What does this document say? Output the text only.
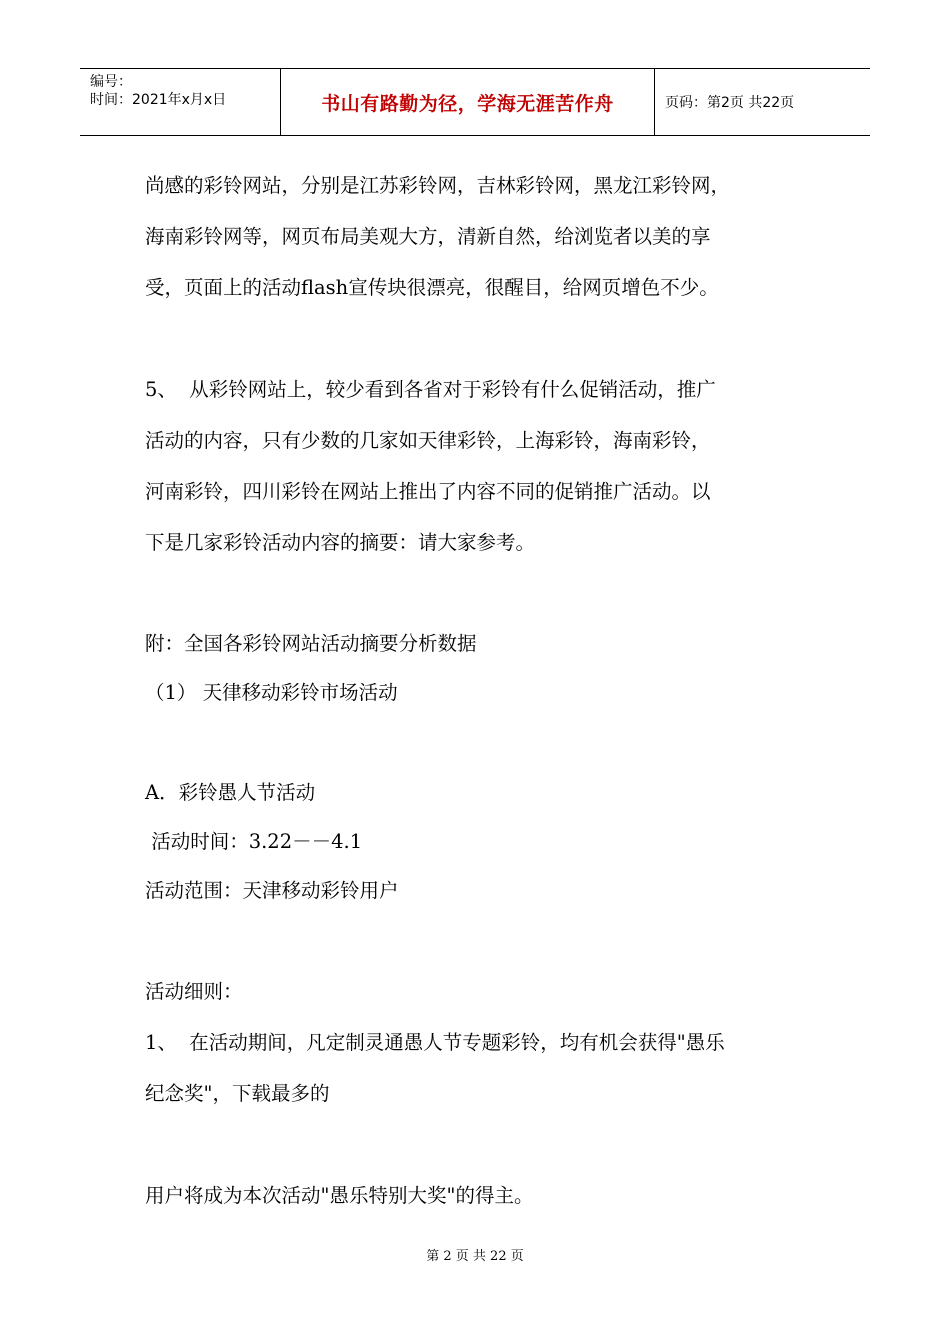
编号：
时间：2021年x月x日	书山有路勤为径，学海无涯苦作舟	页码：第2页 共22页

尚感的彩铃网站，分别是江苏彩铃网，吉林彩铃网，黑龙江彩铃网，

海南彩铃网等，网页布局美观大方，清新自然，给浏览者以美的享

受，页面上的活动flash宣传块很漂亮，很醒目，给网页增色不少。

5、  从彩铃网站上，较少看到各省对于彩铃有什么促销活动，推广

活动的内容，只有少数的几家如天律彩铃，上海彩铃，海南彩铃，

河南彩铃，四川彩铃在网站上推出了内容不同的促销推广活动。以

下是几家彩铃活动内容的摘要：请大家参考。

附：全国各彩铃网站活动摘要分析数据

（1） 天律移动彩铃市场活动

A．彩铃愚人节活动

活动时间：3.22－－4.1

活动范围：天津移动彩铃用户

活动细则：

1、  在活动期间，凡定制灵通愚人节专题彩铃，均有机会获得"愚乐

纪念奖"，下载最多的

用户将成为本次活动"愚乐特别大奖"的得主。

第 2 页 共 22 页
